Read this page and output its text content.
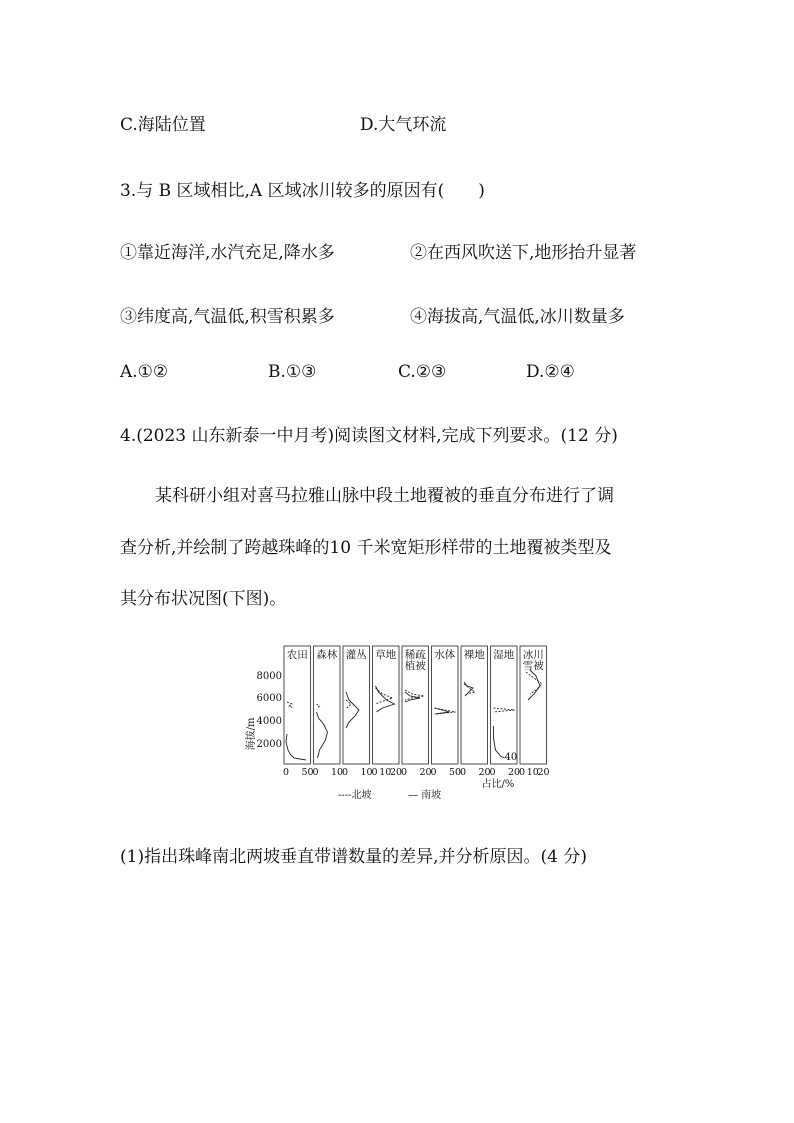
C.海陆位置	D.大气环流
3.与 B 区域相比,A 区域冰川较多的原因有(　　)
①靠近海洋,水汽充足,降水多	②在西风吹送下,地形抬升显著
③纬度高,气温低,积雪积累多	④海拔高,气温低,冰川数量多
A.①②	B.①③	C.②③	D.②④
4.(2023 山东新泰一中月考)阅读图文材料,完成下列要求。(12 分)
某科研小组对喜马拉雅山脉中段土地覆被的垂直分布进行了调
查分析,并绘制了跨越珠峰的10 千米宽矩形样带的土地覆被类型及
其分布状况图(下图)。
海拔/m
8000
6000
4000
2000
农田
0 50
森林
0 10
灌丛
0 10
草地
0 10
20
稀疏
植被
0 20
水体
0 50
裸地
0 20
湿地
0 20
40
冰川
雪被
0 10
20
占比/%
----北坡	— 南坡
(1)指出珠峰南北两坡垂直带谱数量的差异,并分析原因。(4 分)
